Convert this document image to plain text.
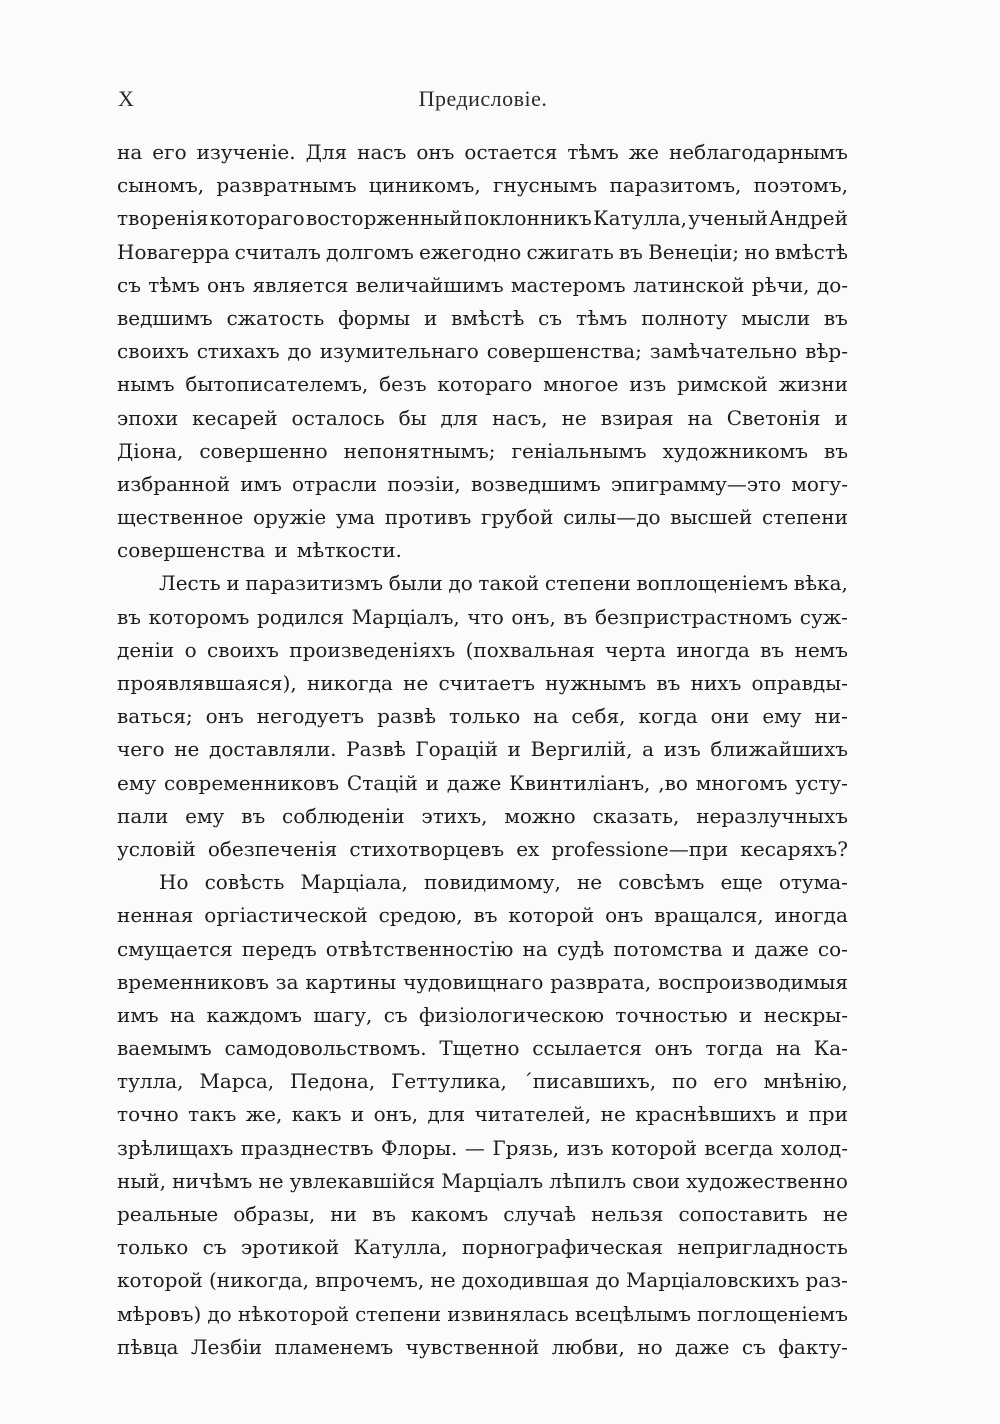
X	Предисловіе.
на его изученіе. Для насъ онъ остается тѣмъ же неблагодарнымъ
сыномъ, развратнымъ циникомъ, гнуснымъ паразитомъ, поэтомъ,
творенія котораго восторженный поклонникъ Катулла, ученый Андрей
Новагерра считалъ долгомъ ежегодно сжигать въ Венеціи; но вмѣстѣ
съ тѣмъ онъ является величайшимъ мастеромъ латинской рѣчи, до-
ведшимъ сжатость формы и вмѣстѣ съ тѣмъ полноту мысли въ
своихъ стихахъ до изумительнаго совершенства; замѣчательно вѣр-
нымъ бытописателемъ, безъ котораго многое изъ римской жизни
эпохи кесарей осталось бы для насъ, не взирая на Светонія и
Діона, совершенно непонятнымъ; геніальнымъ художникомъ въ
избранной имъ отрасли поэзіи, возведшимъ эпиграмму—это могу-
щественное оружіе ума противъ грубой силы—до высшей степени
совершенства и мѣткости.
Лесть и паразитизмъ были до такой степени воплощеніемъ вѣка,
въ которомъ родился Марціалъ, что онъ, въ безпристрастномъ суж-
деніи о своихъ произведеніяхъ (похвальная черта иногда въ немъ
проявлявшаяся), никогда не считаетъ нужнымъ въ нихъ оправды-
ваться; онъ негодуетъ развѣ только на себя, когда они ему ни-
чего не доставляли. Развѣ Горацій и Вергилій, а изъ ближайшихъ
ему современниковъ Стацій и даже Квинтиліанъ, ,во многомъ усту-
пали ему въ соблюденіи этихъ, можно сказать, неразлучныхъ
условій обезпеченія стихотворцевъ ex professione—при кесаряхъ?
Но совѣсть Марціала, повидимому, не совсѣмъ еще отума-
ненная оргіастической средою, въ которой онъ вращался, иногда
смущается передъ отвѣтственностію на судѣ потомства и даже со-
временниковъ за картины чудовищнаго разврата, воспроизводимыя
имъ на каждомъ шагу, съ физіологическою точностью и нескры-
ваемымъ самодовольствомъ. Тщетно ссылается онъ тогда на Ка-
тулла, Марса, Педона, Геттулика, ´писавшихъ, по его мнѣнію,
точно такъ же, какъ и онъ, для читателей, не краснѣвшихъ и при
зрѣлищахъ празднествъ Флоры. — Грязь, изъ которой всегда холод-
ный, ничѣмъ не увлекавшійся Марціалъ лѣпилъ свои художественно
реальные образы, ни въ какомъ случаѣ нельзя сопоставить не
только съ эротикой Катулла, порнографическая непригладность
которой (никогда, впрочемъ, не доходившая до Марціаловскихъ раз-
мѣровъ) до нѣкоторой степени извинялась всецѣлымъ поглощеніемъ
пѣвца Лезбіи пламенемъ чувственной любви, но даже съ факту-
